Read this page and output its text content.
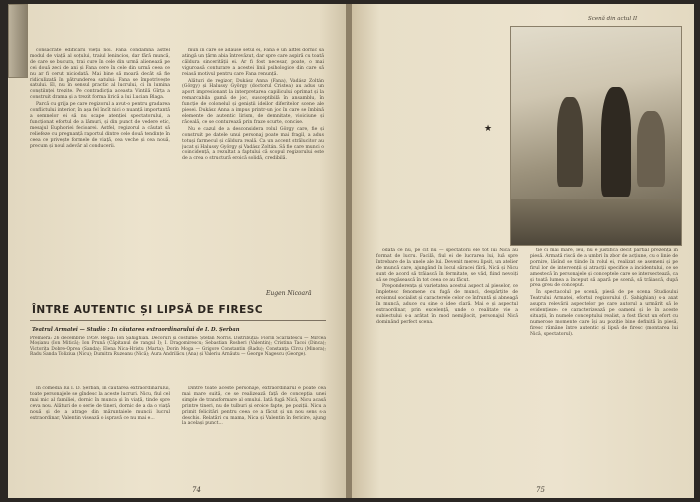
consacrate edificării vieții noi. Fana condamnă astfel modul de viață al soțului, traiul lenincios, dar fără muncă, de care se bucura, trai cure în cele din urmă alienează pe cei două zeci de ani și Fana cere în cele din urmă ceea ce nu ar fi cerut niciodată. Mai bine să moară decât să fie ridiculizată în pătrunderea satului: Fana se împotrivește satului. El, nu în sensul practic al lucrului, ci în lumina conștiinței trezite. Pe contradicția aceasta Vintilă Gîrța a construit drama și a trezit forma lirică a lui Lucian Blaga.

Parcă cu grija pe care regizorul a avut-o pentru gradarea conflictului interior, în așa fel încît nici o nuanță importantă a semnelor ei să nu scape atenției spectatorului, a funcționat efortul de a lămuri, și din punct de vedere etic, mesajul Euphoriei fecioarei. Astfel, regizorul a căutat să reliefeze cu pregnanță raportul dintre cele două tendințe în ceea ce privește formele de viață, cea veche și cea nouă, precum și noul adevăr al conducerii.

mun în care se adăuse setul ei, Fana e un altfel dornic să atingă un țărm abia întrevăzut, dar spre care aspiră cu toată căldura sincerității ei. Ar fi fost necesar, poate, o mai viguroasă conturare a acestei linii psihologice din care să reiasă motivul pentru care Fana renunță.

Alături de regizor, Dukász Anna (Fana), Vadász Zoltán (Görgy) și Halussy György (doctorul Cristea) au adus un aport impresionant la interpretarea capilicului oprimat și la remarcabila gamă de joc, susceptibilă în ansamblu, în funcție de colonelul și geniștii ideilor diferitelor scene ale piesei. Dukász Anna a impus printr-un joc în care se îmbină elemente de autentic lirism, de demnitate, vioiciune și răceală, ce se conturează prin fraze scurte, concise.

Nu e cazul de a desconsidera rolul Görgy care, fie și construit pe datele unui personaj poate mai fragil, a adus totuși farmecul și căldura reală. Ca un accent strălucitor au jucat și Halussy György și Vadász Zoltán. Să fie care munci o coincidență, a rezultat a faptului că scopul regizorului este de a crea o structură eroică solidă, credibilă.

Eugen Nicoară
ÎNTRE AUTENTIC ȘI LIPSĂ DE FIRESC
Teatrul Armatei — Studio : In căutarea extraordinarului de I. D. Șerban
Premiera: 26 decembrie 1959. Regia: Ion Șahighian. Decoruri și costume: Ștefan Norris. Distribuția: Florin Scărlătescu — Mircea Moșianu (Ion Mitică); Ion Prună (Căpitanul de rangul I); I. Dragomirescu; Sebastian Rosheri (Valentin); Cristina Tacoi (Dinca); Victorița Dobre-Oprea (Sanda); Elena Nica-Hristu (Marta); Dorin Moga — Grigore Constantin (Radu); Constanța Cîrcu (Minora); Radu Sanda Toliziua (Nicu); Dumitra Ruzeanu (Nică); Aura Andrilăcu (Ana) și Valeriu Arnăutu — George Nagescu (George).

În comedia lui I. D. Șerban, în căutarea extraordinarului, toate personajele se gîndesc la aceste lucruri. Nicu, fiul cel mai mic al familiei, dornic în munca și în viață, tinde spre ceva nou. Alături de o serie de tineri, dornic de a da o viață nouă și de a atrage din măruntaiele muncii lucrul extraordinar, Valentin visează o ispravă ce nu mai e...

Dintre toate aceste personaje, extraordinarul e poate cea mai mare suită, ce se realizează față de concepția unei simple de transformare al omului. Iată fugă Nică, Nicu acasă printre tineri, nu de tulburi și eroice fapte, pe poziții. Nicu a primit felicitări pentru ceea ce a făcut și un nou sens s-a deschis. Relatări cu mama, Nica și Valentin în fericire, ajung la același punct...

74
Scenă din actul II
★

odată ce nu, pe cît nu — spectatorii ele tot lui Nică au format de lucru. Facilă, fiul ei de lucrarea lui, luă spre întrebare de la unele ale lui. Devenit mereu lipsit, un atelier de muncă care, ajungând în locul săracei fără, Nică și Nicu sunt de acord să trăiască în fermitate, se văd, fiind nevoiți să se regăsească în tot ceea ce au făcut.

Preponderența și varietatea acestui aspect al pieselor, ce împletesc fenomene cu fugă de munci, despărțite de eroismul socialist și caracterele celor ce înfruntă și abneagă în muncă, aduce cu sine o idee clară. Mai e și aspectul extraordinar, prin excelență, unde o realitate vie a subiectului s-a arătat în mod nemijlocit, personajul Nică dominând perfect scena.

tie ci mai mare, leu, nu e justifică decît partial prezența în piesă. Armată riscă de a umbri în zbor de acțiune, cu o linie de pornire, lăsînd se tiinde în rolul ei, realizat se asemeni și pe firul lor de intervenții și atracții specifice a incidentului, ce se amestecă în personajele și conceptele care se intersectează, ca și toată lumea a început să apară pe scenă, să trăiască, după prea greu de conceput.

În spectacolul pe scenă, piesă de pe scena Studioului Teatrului Armatei, efortul regizorului (I. Șahighian) s-a axat asupra relevării aspectelor pe care autorul a urmărit să le evidențieze: ce caracterizează pe oameni și le în aceste situații, în numele conceptului realist, a fost făcut un efort cu numerose momente care își au poziție bine definită în piesă, firesc rămâne între autentic și lipsă de firesc (montarea lui Nică, spectatorul).

75
